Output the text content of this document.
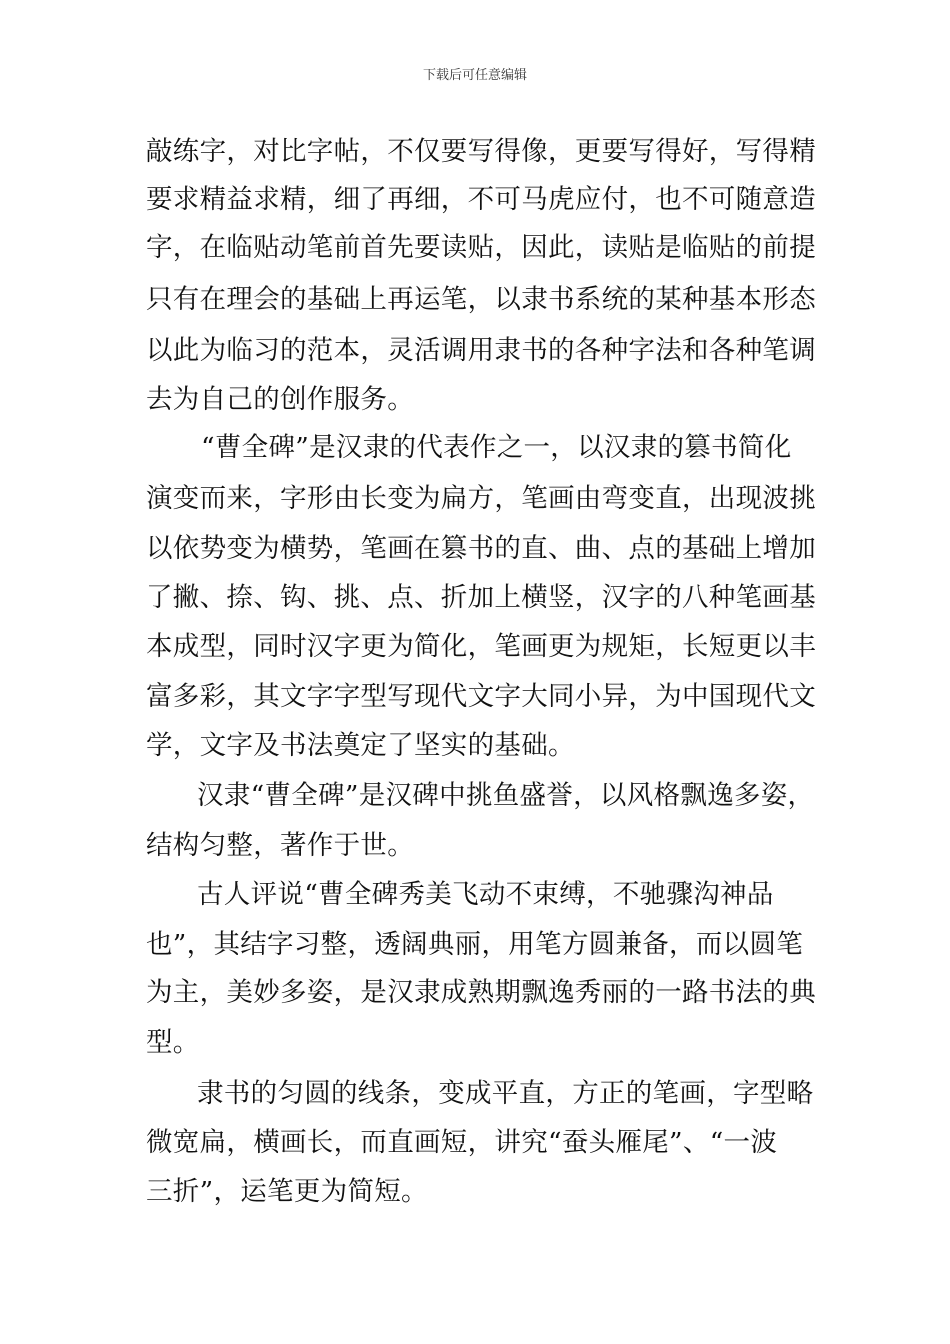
下载后可任意编辑
敲练字，对比字帖，不仅要写得像，更要写得好，写得精
要求精益求精，细了再细，不可马虎应付，也不可随意造
字，在临贴动笔前首先要读贴，因此，读贴是临贴的前提
只有在理会的基础上再运笔，以隶书系统的某种基本形态
以此为临习的范本，灵活调用隶书的各种字法和各种笔调
去为自己的创作服务。
“曹全碑”是汉隶的代表作之一，以汉隶的篡书简化
演变而来，字形由长变为扁方，笔画由弯变直，出现波挑
以依势变为横势，笔画在篡书的直、曲、点的基础上增加
了撇、捺、钩、挑、点、折加上横竖，汉字的八种笔画基
本成型，同时汉字更为简化，笔画更为规矩，长短更以丰
富多彩，其文字字型写现代文字大同小异，为中国现代文
学，文字及书法奠定了坚实的基础。
汉隶“曹全碑”是汉碑中挑鱼盛誉，以风格飘逸多姿，
结构匀整，著作于世。
古人评说“曹全碑秀美飞动不束缚，不驰骤沟神品
也”，其结字习整，透阔典丽，用笔方圆兼备，而以圆笔
为主，美妙多姿，是汉隶成熟期飘逸秀丽的一路书法的典
型。
隶书的匀圆的线条，变成平直，方正的笔画，字型略
微宽扁，横画长，而直画短，讲究“蚕头雁尾”、“一波
三折”，运笔更为简短。
